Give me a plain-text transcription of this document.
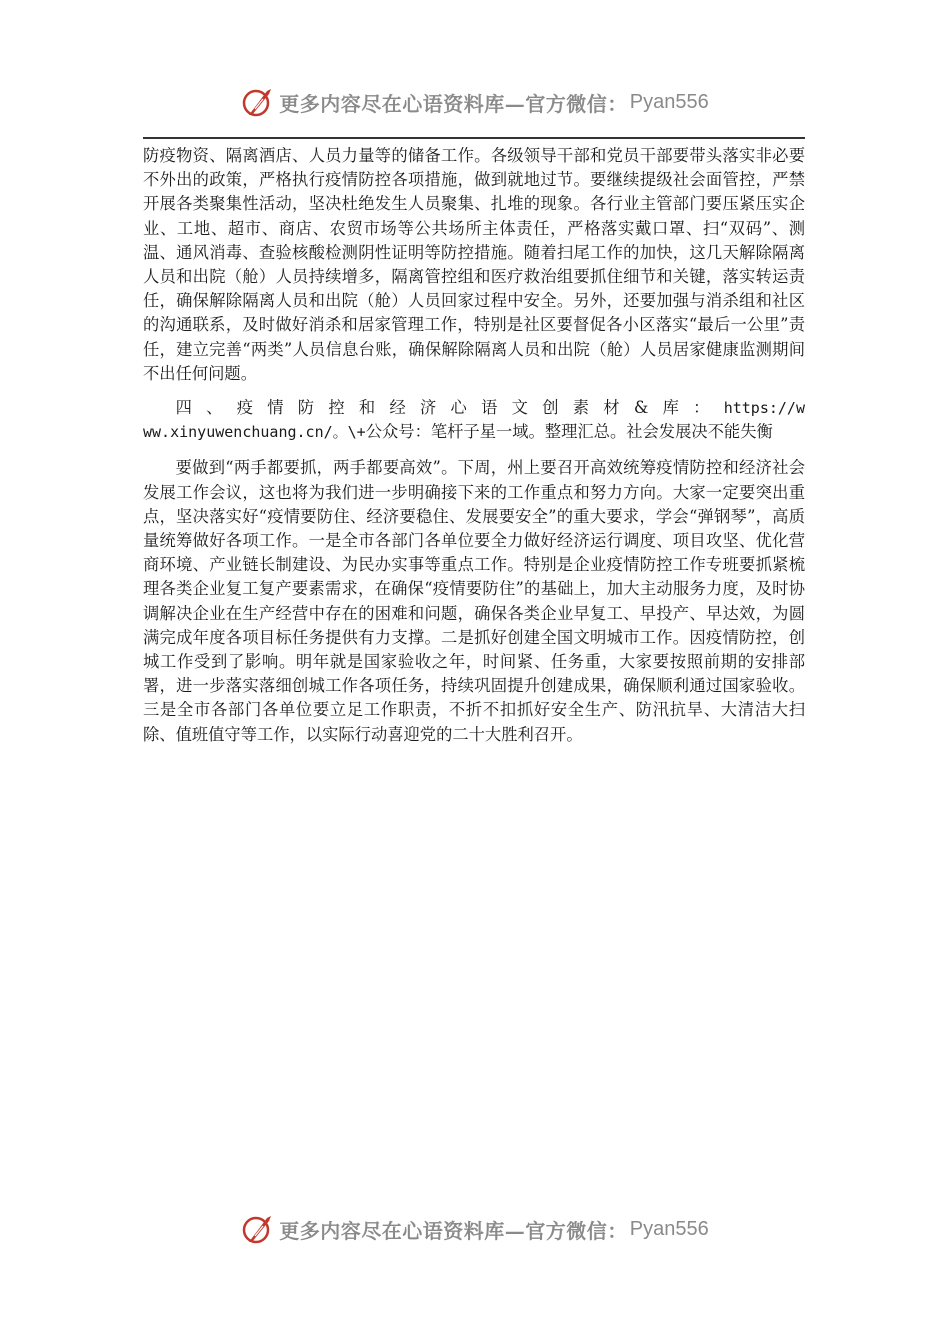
更多内容尽在心语资料库—官方微信： Pyan556

防疫物资、隔离酒店、人员力量等的储备工作。各级领导干部和党员干部要带头落实非必要不外出的政策，严格执行疫情防控各项措施，做到就地过节。要继续提级社会面管控，严禁开展各类聚集性活动，坚决杜绝发生人员聚集、扎堆的现象。各行业主管部门要压紧压实企业、工地、超市、商店、农贸市场等公共场所主体责任，严格落实戴口罩、扫“双码”、测温、通风消毒、查验核酸检测阴性证明等防控措施。随着扫尾工作的加快，这几天解除隔离人员和出院（舱）人员持续增多，隔离管控组和医疗救治组要抓住细节和关键，落实转运责任，确保解除隔离人员和出院（舱）人员回家过程中安全。另外，还要加强与消杀组和社区的沟通联系，及时做好消杀和居家管理工作，特别是社区要督促各小区落实“最后一公里”责任，建立完善“两类”人员信息台账，确保解除隔离人员和出院（舱）人员居家健康监测期间不出任何问题。

四、疫情防控和经济心语文创素材&库：https://www.xinyuwenchuang.cn/。\+公众号：笔杆子星一域。整理汇总。社会发展决不能失衡

要做到“两手都要抓，两手都要高效”。下周，州上要召开高效统筹疫情防控和经济社会发展工作会议，这也将为我们进一步明确接下来的工作重点和努力方向。大家一定要突出重点，坚决落实好“疫情要防住、经济要稳住、发展要安全”的重大要求，学会“弹钢琴”，高质量统筹做好各项工作。一是全市各部门各单位要全力做好经济运行调度、项目攻坚、优化营商环境、产业链长制建设、为民办实事等重点工作。特别是企业疫情防控工作专班要抓紧梳理各类企业复工复产要素需求，在确保“疫情要防住”的基础上，加大主动服务力度，及时协调解决企业在生产经营中存在的困难和问题，确保各类企业早复工、早投产、早达效，为圆满完成年度各项目标任务提供有力支撑。二是抓好创建全国文明城市工作。因疫情防控，创城工作受到了影响。明年就是国家验收之年，时间紧、任务重，大家要按照前期的安排部署，进一步落实落细创城工作各项任务，持续巩固提升创建成果，确保顺利通过国家验收。三是全市各部门各单位要立足工作职责，不折不扣抓好安全生产、防汛抗旱、大清洁大扫除、值班值守等工作，以实际行动喜迎党的二十大胜利召开。

更多内容尽在心语资料库—官方微信： Pyan556
